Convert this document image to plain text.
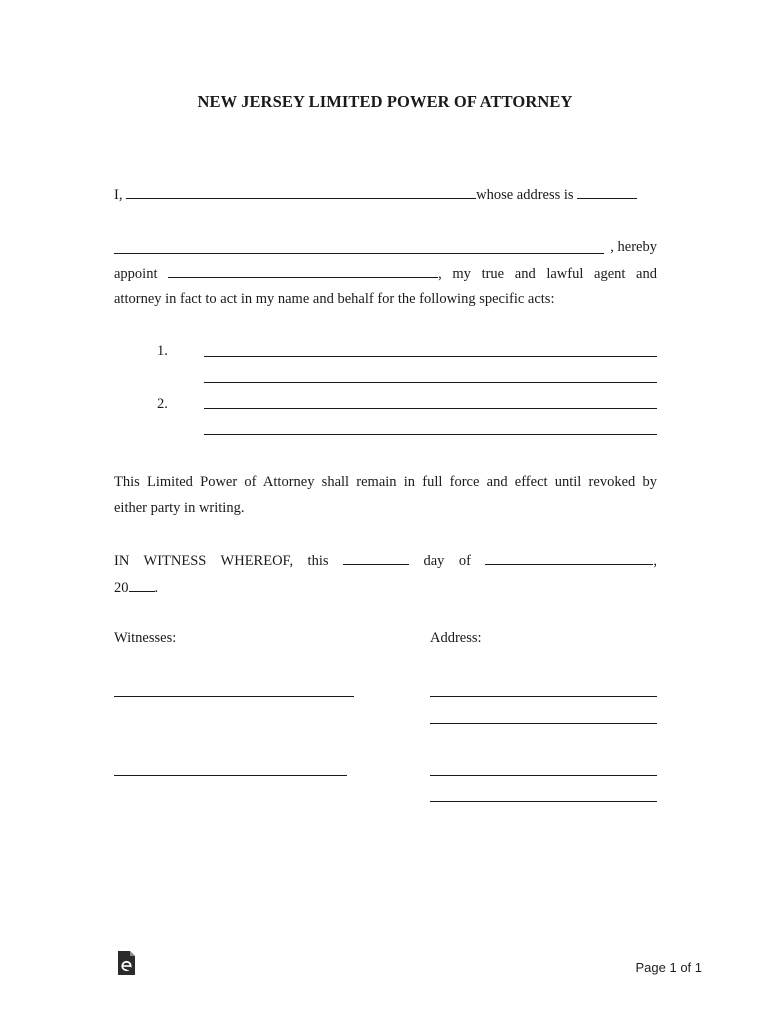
NEW JERSEY LIMITED POWER OF ATTORNEY
I,	whose address is
, hereby
appoint	, my true and lawful agent and
attorney in fact to act in my name and behalf for the following specific acts:
1.
2.
This Limited Power of Attorney shall remain in full force and effect until revoked by
either party in writing.
IN WITNESS WHEREOF, this	day of	,
20 .
Witnesses:	Address:
Page 1 of 1
